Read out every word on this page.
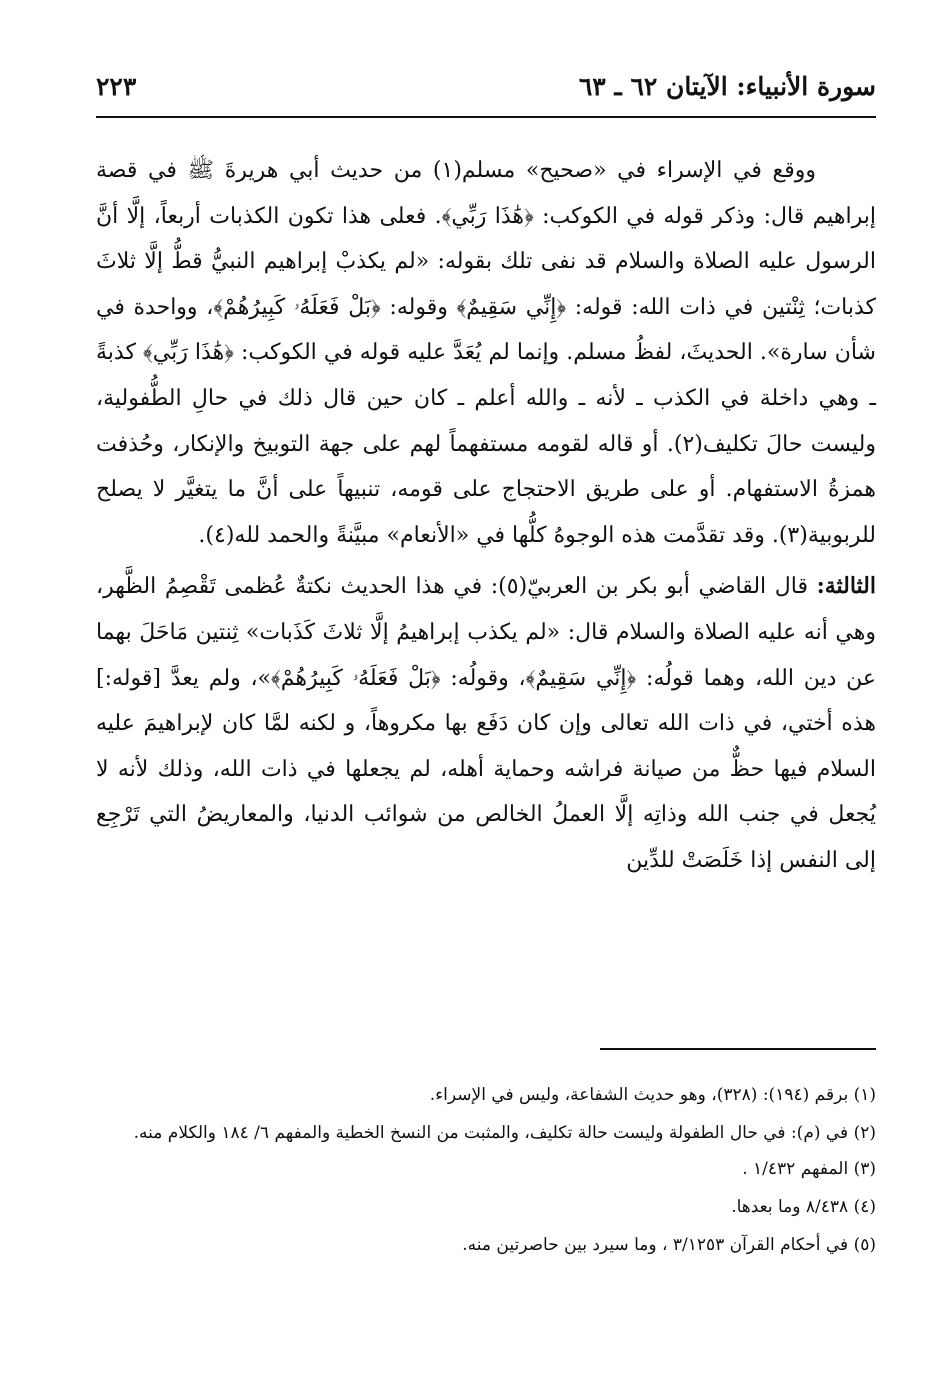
سورة الأنبياء: الآيتان ٦٢ ـ ٦٣
٢٢٣

ووقع في الإسراء في «صحيح» مسلم(١) من حديث أبي هريرةَ ﷺ في قصة إبراهيم قال: وذكر قوله في الكوكب: ﴿هَٰذَا رَبِّي﴾. فعلى هذا تكون الكذبات أربعاً، إلَّا أنَّ الرسول عليه الصلاة والسلام قد نفى تلك بقوله: «لم يكذبْ إبراهيم النبيُّ قطُّ إلَّا ثلاثَ كذبات؛ ثِنْتين في ذات الله: قوله: ﴿إِنِّي سَقِيمٌ﴾ وقوله: ﴿بَلْ فَعَلَهُۥ كَبِيرُهُمْ﴾، وواحدة في شأن سارة». الحديثَ، لفظُ مسلم. وإنما لم يُعَدَّ عليه قوله في الكوكب: ﴿هَٰذَا رَبِّي﴾ كذبةً ـ وهي داخلة في الكذب ـ لأنه ـ والله أعلم ـ كان حين قال ذلك في حالِ الطُّفولية، وليست حالَ تكليف(٢). أو قاله لقومه مستفهماً لهم على جهة التوبيخ والإنكار، وحُذفت همزةُ الاستفهام. أو على طريق الاحتجاج على قومه، تنبيهاً على أنَّ ما يتغيَّر لا يصلح للربوبية(٣). وقد تقدَّمت هذه الوجوهُ كلُّها في «الأنعام» مبيَّنةً والحمد لله(٤).

الثالثة: قال القاضي أبو بكر بن العربيّ(٥): في هذا الحديث نكتةٌ عُظمى تَقْصِمُ الظَّهر، وهي أنه عليه الصلاة والسلام قال: «لم يكذب إبراهيمُ إلَّا ثلاثَ كَذَبات» ثِنتين مَاحَلَ بهما عن دين الله، وهما قولُه: ﴿إِنِّي سَقِيمٌ﴾، وقولُه: ﴿بَلْ فَعَلَهُۥ كَبِيرُهُمْ﴾»، ولم يعدَّ [قوله:] هذه أختي، في ذات الله تعالى وإن كان دَفَع بها مكروهاً، و لكنه لمَّا كان لإبراهيمَ عليه السلام فيها حظٌّ من صيانة فراشه وحماية أهله، لم يجعلها في ذات الله، وذلك لأنه لا يُجعل في جنب الله وذاتِه إلَّا العملُ الخالص من شوائب الدنيا، والمعاريضُ التي تَرْجِع إلى النفس إذا خَلَصَتْ للدِّين

(١) برقم (١٩٤): (٣٢٨)، وهو حديث الشفاعة، وليس في الإسراء.

(٢) في (م): في حال الطفولة وليست حالة تكليف، والمثبت من النسخ الخطية والمفهم ٦/ ١٨٤ والكلام منه.

(٣) المفهم ١/٤٣٢ .

(٤) ٨/٤٣٨ وما بعدها.

(٥) في أحكام القرآن ٣/١٢٥٣ ، وما سيرد بين حاصرتين منه.
